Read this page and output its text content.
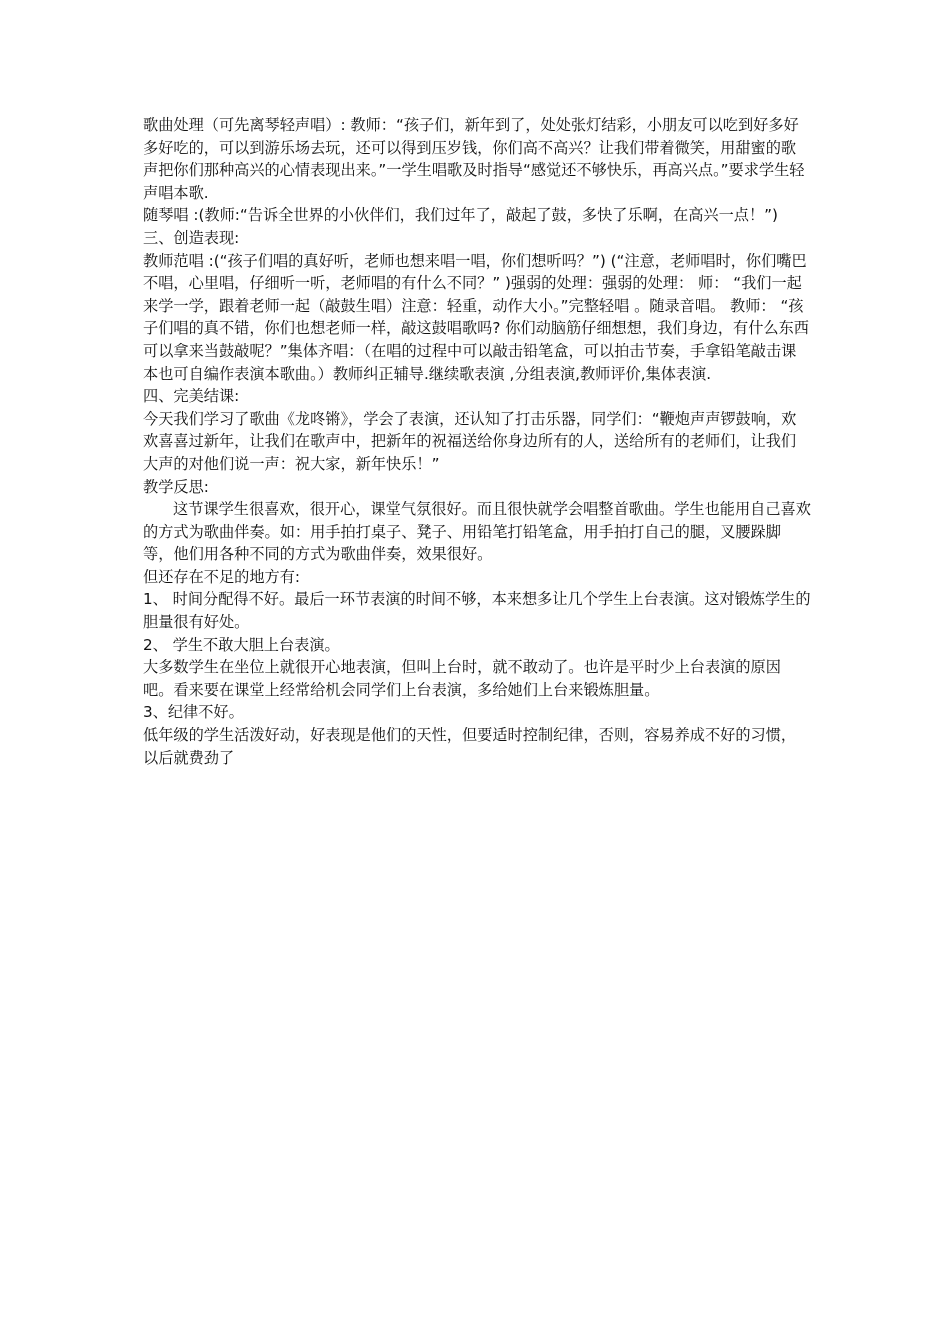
歌曲处理（可先离琴轻声唱）: 教师：“孩子们，新年到了，处处张灯结彩，小朋友可以吃到好多好多好吃的，可以到游乐场去玩，还可以得到压岁钱，你们高不高兴？让我们带着微笑，用甜蜜的歌声把你们那种高兴的心情表现出来。”一学生唱歌及时指导“感觉还不够快乐，再高兴点。”要求学生轻声唱本歌.

随琴唱 :(教师:“告诉全世界的小伙伴们，我们过年了，敲起了鼓，多快了乐啊，在高兴一点！”)

三、创造表现:

教师范唱 :(“孩子们唱的真好听，老师也想来唱一唱，你们想听吗？”) (“注意，老师唱时，你们嘴巴不唱，心里唱，仔细听一听，老师唱的有什么不同？” )强弱的处理：强弱的处理： 师： “我们一起来学一学，跟着老师一起（敲鼓生唱）注意：轻重，动作大小。”完整轻唱 。随录音唱。 教师： “孩子们唱的真不错，你们也想老师一样，敲这鼓唱歌吗? 你们动脑筋仔细想想，我们身边，有什么东西可以拿来当鼓敲呢？”集体齐唱：（在唱的过程中可以敲击铅笔盒，可以拍击节奏，手拿铅笔敲击课本也可自编作表演本歌曲。）教师纠正辅导.继续歌表演 ,分组表演,教师评价,集体表演.

四、完美结课:

今天我们学习了歌曲《龙咚锵》，学会了表演，还认知了打击乐器，同学们：“鞭炮声声锣鼓响，欢欢喜喜过新年，让我们在歌声中，把新年的祝福送给你身边所有的人，送给所有的老师们，让我们大声的对他们说一声：祝大家，新年快乐！”

教学反思:

这节课学生很喜欢，很开心，课堂气氛很好。而且很快就学会唱整首歌曲。学生也能用自己喜欢的方式为歌曲伴奏。如：用手拍打桌子、凳子、用铅笔打铅笔盒，用手拍打自己的腿，叉腰跺脚等，他们用各种不同的方式为歌曲伴奏，效果很好。

但还存在不足的地方有:

1、 时间分配得不好。最后一环节表演的时间不够，本来想多让几个学生上台表演。这对锻炼学生的胆量很有好处。

2、 学生不敢大胆上台表演。

大多数学生在坐位上就很开心地表演，但叫上台时，就不敢动了。也许是平时少上台表演的原因吧。看来要在课堂上经常给机会同学们上台表演，多给她们上台来锻炼胆量。

3、纪律不好。

低年级的学生活泼好动，好表现是他们的天性，但要适时控制纪律，否则，容易养成不好的习惯，以后就费劲了
